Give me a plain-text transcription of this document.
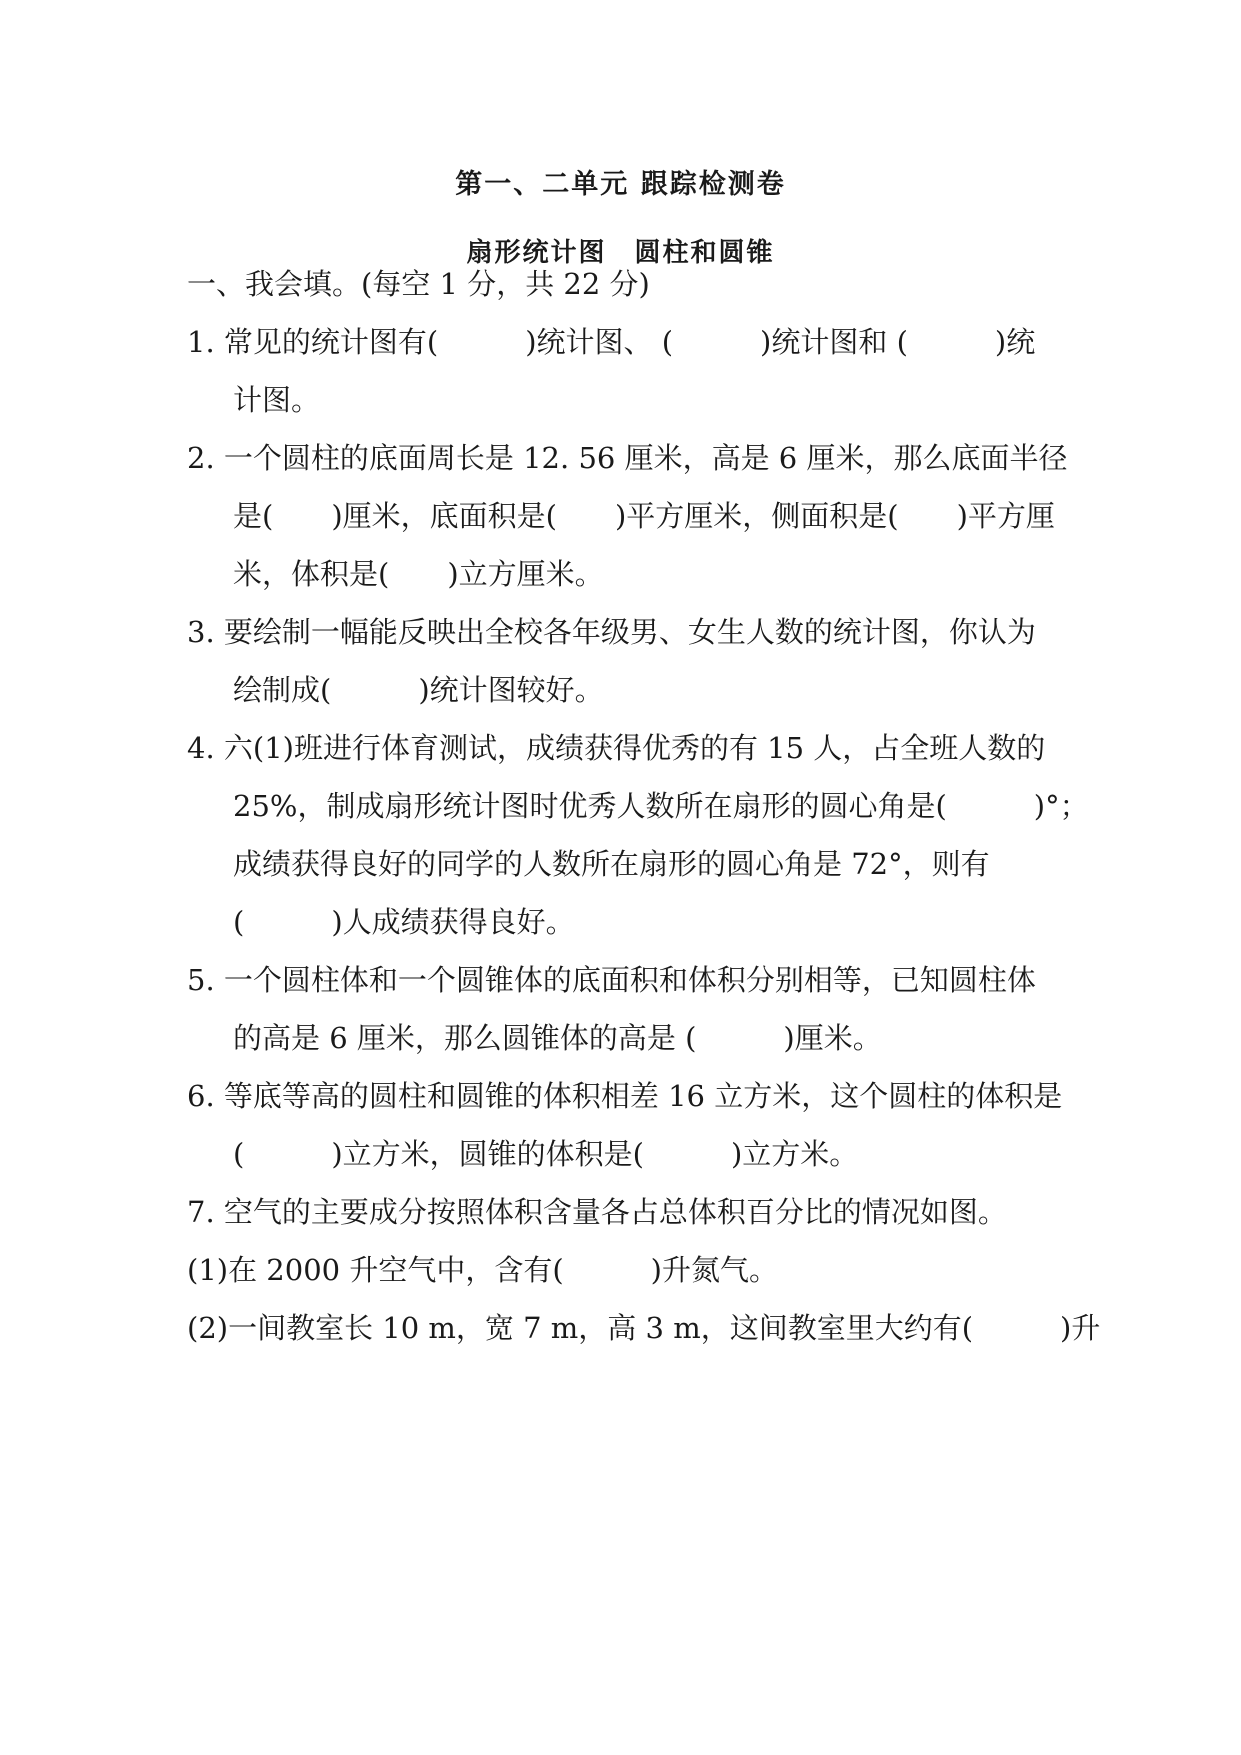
第一、二单元 跟踪检测卷
扇形统计图　圆柱和圆锥
一、我会填。(每空 1 分，共 22 分)
1. 常见的统计图有(　　　)统计图、 (　　　)统计图和 (　　　)统
计图。
2. 一个圆柱的底面周长是 12. 56 厘米，高是 6 厘米，那么底面半径
是(　　)厘米，底面积是(　　)平方厘米，侧面积是(　　)平方厘
米，体积是(　　)立方厘米。
3. 要绘制一幅能反映出全校各年级男、女生人数的统计图，你认为
绘制成(　　　)统计图较好。
4. 六(1)班进行体育测试，成绩获得优秀的有 15 人，占全班人数的
25%，制成扇形统计图时优秀人数所在扇形的圆心角是(　　　)°；
成绩获得良好的同学的人数所在扇形的圆心角是 72°，则有
(　　　)人成绩获得良好。
5. 一个圆柱体和一个圆锥体的底面积和体积分别相等，已知圆柱体
的高是 6 厘米，那么圆锥体的高是 (　　　)厘米。
6. 等底等高的圆柱和圆锥的体积相差 16 立方米，这个圆柱的体积是
(　　　)立方米，圆锥的体积是(　　　)立方米。
7. 空气的主要成分按照体积含量各占总体积百分比的情况如图。
(1)在 2000 升空气中，含有(　　　)升氮气。
(2)一间教室长 10 m，宽 7 m，高 3 m，这间教室里大约有(　　　)升
